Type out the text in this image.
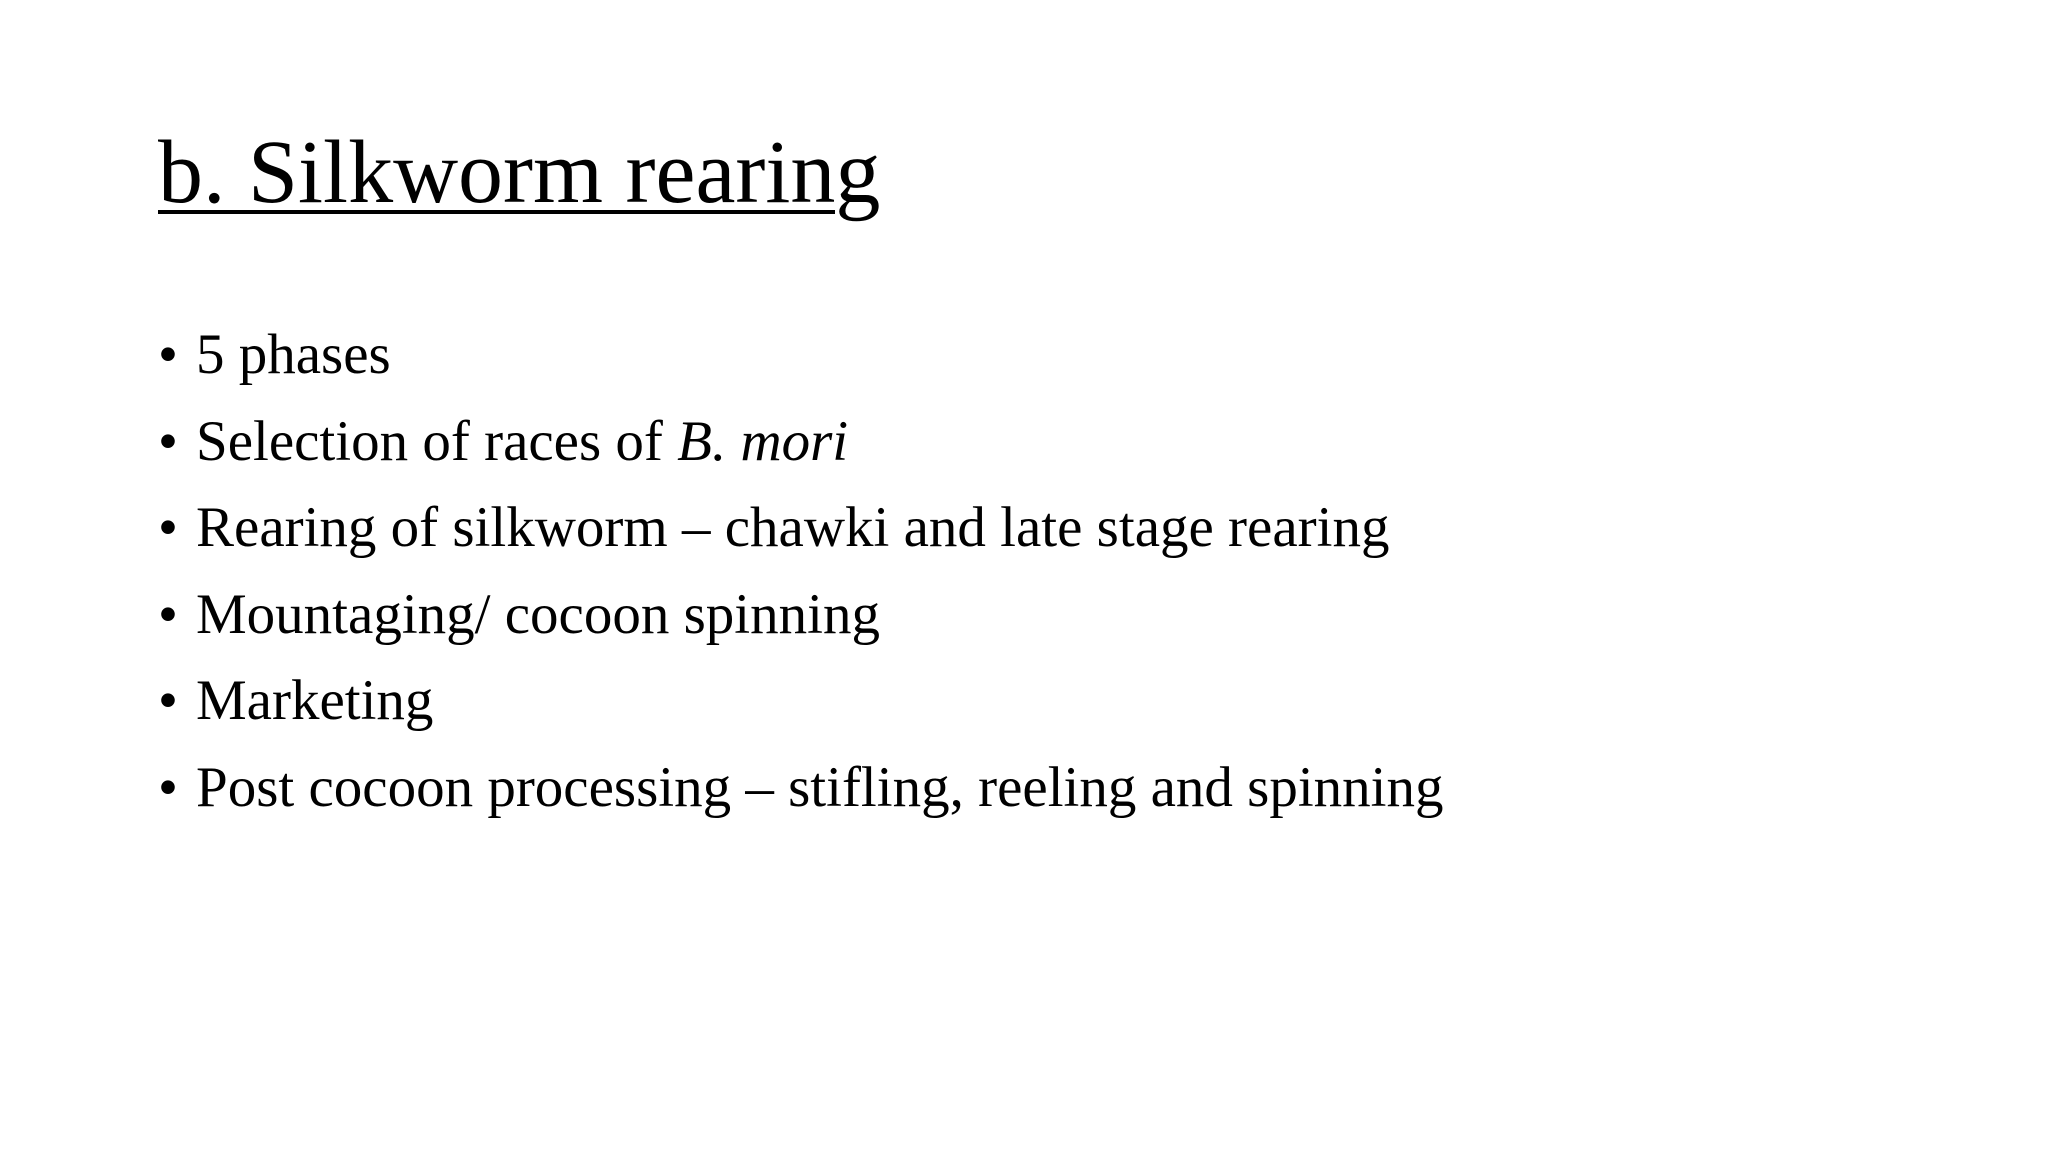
b. Silkworm rearing
• 5 phases
• Selection of races of B. mori
• Rearing of silkworm – chawki and late stage rearing
• Mountaging/ cocoon spinning
• Marketing
• Post cocoon processing – stifling, reeling and spinning
